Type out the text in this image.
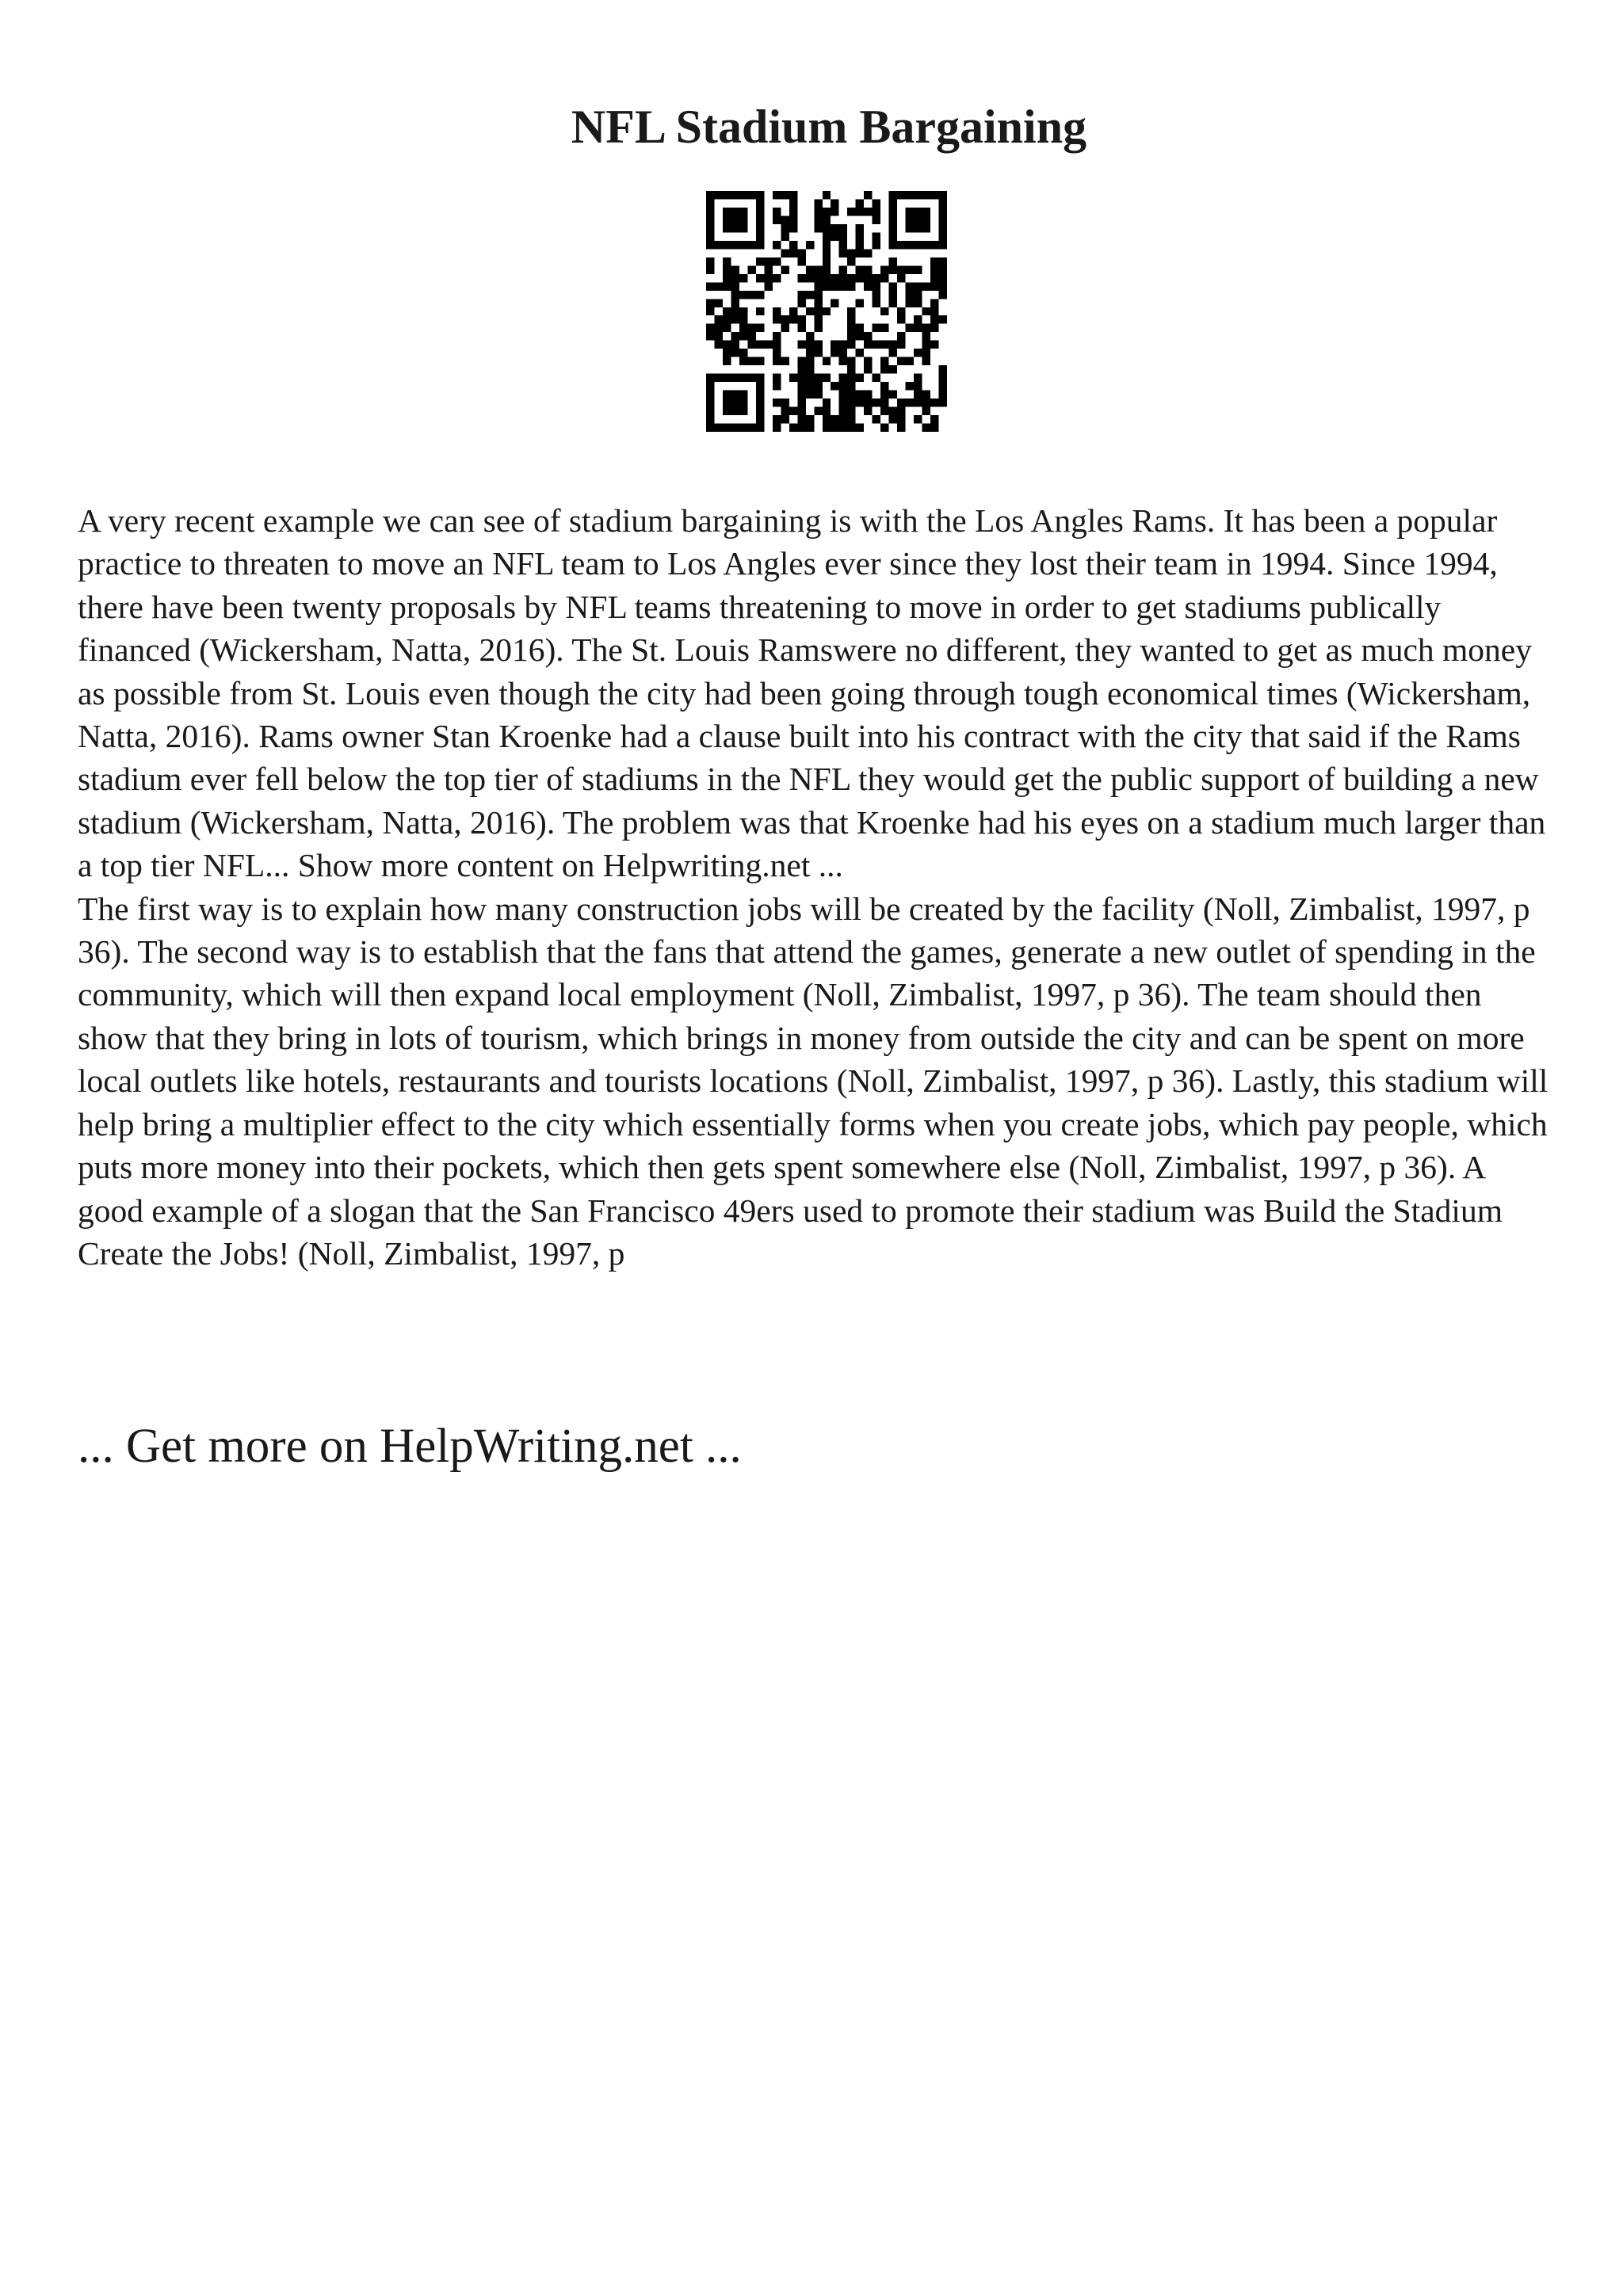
NFL Stadium Bargaining

A very recent example we can see of stadium bargaining is with the Los Angles Rams. It has been a popular practice to threaten to move an NFL team to Los Angles ever since they lost their team in 1994. Since 1994, there have been twenty proposals by NFL teams threatening to move in order to get stadiums publically financed (Wickersham, Natta, 2016). The St. Louis Ramswere no different, they wanted to get as much money as possible from St. Louis even though the city had been going through tough economical times (Wickersham, Natta, 2016). Rams owner Stan Kroenke had a clause built into his contract with the city that said if the Rams stadium ever fell below the top tier of stadiums in the NFL they would get the public support of building a new stadium (Wickersham, Natta, 2016). The problem was that Kroenke had his eyes on a stadium much larger than a top tier NFL... Show more content on Helpwriting.net ...

The first way is to explain how many construction jobs will be created by the facility (Noll, Zimbalist, 1997, p 36). The second way is to establish that the fans that attend the games, generate a new outlet of spending in the community, which will then expand local employment (Noll, Zimbalist, 1997, p 36). The team should then show that they bring in lots of tourism, which brings in money from outside the city and can be spent on more local outlets like hotels, restaurants and tourists locations (Noll, Zimbalist, 1997, p 36). Lastly, this stadium will help bring a multiplier effect to the city which essentially forms when you create jobs, which pay people, which puts more money into their pockets, which then gets spent somewhere else (Noll, Zimbalist, 1997, p 36). A good example of a slogan that the San Francisco 49ers used to promote their stadium was Build the Stadium Create the Jobs! (Noll, Zimbalist, 1997, p

... Get more on HelpWriting.net ...
